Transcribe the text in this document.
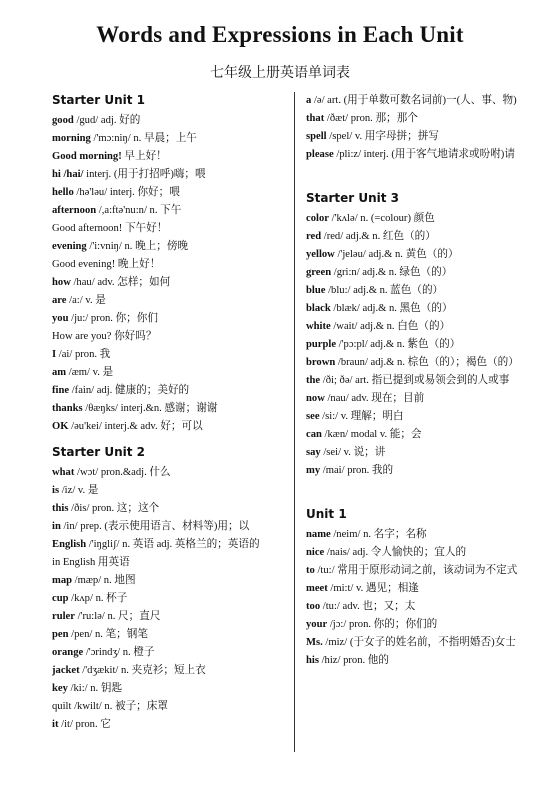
Words and Expressions in Each Unit
七年级上册英语单词表
Starter Unit 1

good /gud/ adj. 好的

morning /'mɔ:niŋ/ n. 早晨；上午

Good morning! 早上好！

hi /hai/ interj. (用于打招呼)嗨；喂

hello /hə'ləu/ interj. 你好；喂

afternoon /,a:ftə'nu:n/ n. 下午

Good afternoon! 下午好！

evening /'i:vniŋ/ n. 晚上；傍晚

Good evening! 晚上好！

how /hau/ adv. 怎样；如何

are /a:/ v. 是

you /ju:/ pron. 你；你们

How are you? 你好吗？

I /ai/ pron. 我

am /æm/ v. 是

fine /fain/ adj. 健康的；美好的

thanks /θæŋks/ interj.&n. 感谢；谢谢

OK /əu'kei/ interj.& adv. 好；可以

Starter Unit 2

what /wɔt/ pron.&adj. 什么

is /iz/ v. 是

this /ðis/ pron. 这；这个

in /in/ prep. (表示使用语言、材料等)用；以

English /'iŋgliʃ/ n. 英语 adj. 英格兰的；英语的

in English 用英语

map /mæp/ n. 地图

cup /kʌp/ n. 杯子

ruler /'ru:lə/ n. 尺；直尺

pen /pen/ n. 笔；钢笔

orange /'ɔrindʒ/ n. 橙子

jacket /'dʒækit/ n. 夹克衫；短上衣

key /ki:/ n. 钥匙

quilt /kwilt/ n. 被子；床罩

it /it/ pron. 它

a /ə/ art. (用于单数可数名词前)一(人、事、物)

that /ðæt/ pron. 那；那个

spell /spel/ v. 用字母拼；拼写

please /pli:z/ interj. (用于客气地请求或吩咐)请

Starter Unit 3

color /'kʌlə/ n. (=colour) 颜色

red /red/ adj.& n. 红色（的）

yellow /'jeləu/ adj.& n. 黄色（的）

green /gri:n/ adj.& n. 绿色（的）

blue /blu:/ adj.& n. 蓝色（的）

black /blæk/ adj.& n. 黑色（的）

white /wait/ adj.& n. 白色（的）

purple /'pɔ:pl/ adj.& n. 紫色（的）

brown /braun/ adj.& n. 棕色（的）；褐色（的）

the /ði; ðə/ art. 指已提到或易领会到的人或事

now /nau/ adv. 现在；目前

see /si:/ v. 理解；明白

can /kæn/ modal v. 能；会

say /sei/ v. 说；讲

my /mai/ pron. 我的

Unit 1

name /neim/ n. 名字；名称

nice /nais/ adj. 令人愉快的；宜人的

to /tu:/ 常用于原形动词之前，该动词为不定式

meet /mi:t/ v. 遇见；相逢

too /tu:/ adv. 也；又；太

your /jɔ:/ pron. 你的；你们的

Ms. /miz/ (于女子的姓名前，不指明婚否)女士

his /hiz/ pron. 他的
